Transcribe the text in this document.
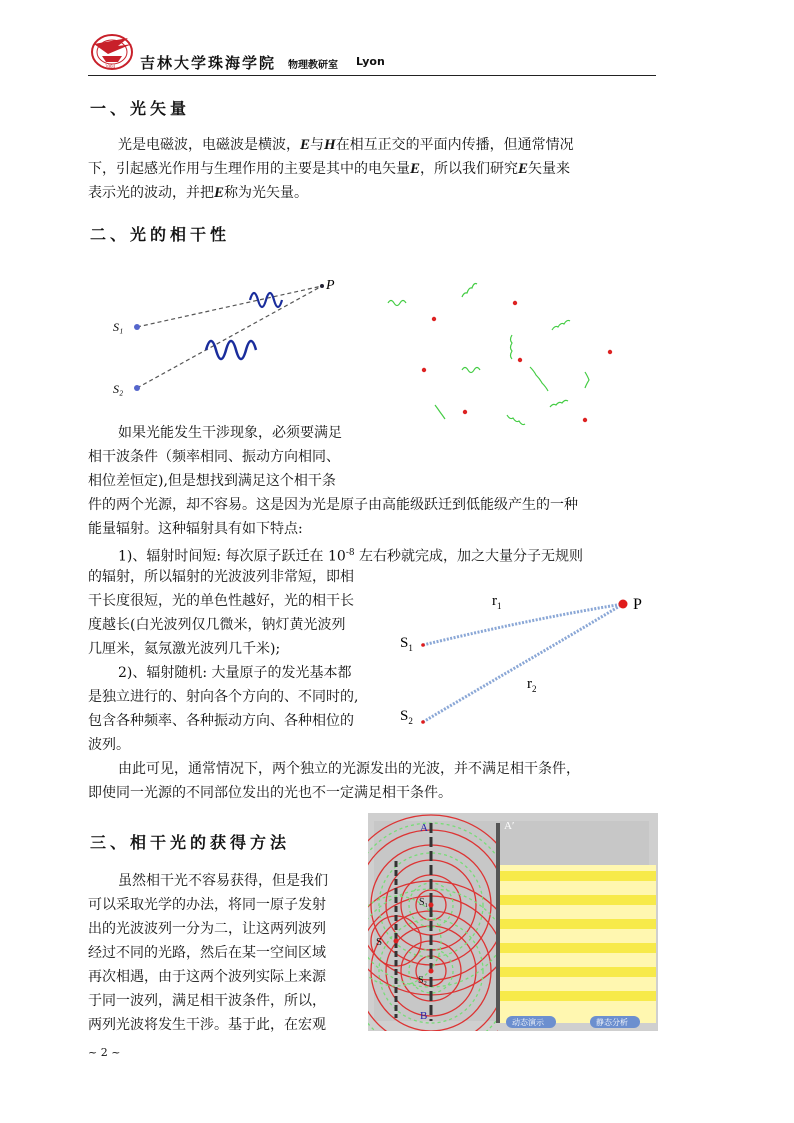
2004 吉林大学珠海学院 物理教研室 Lyon
一、光矢量
光是电磁波，电磁波是横波，E与H在相互正交的平面内传播，但通常情况
下，引起感光作用与生理作用的主要是其中的电矢量E，所以我们研究E矢量来
表示光的波动，并把E称为光矢量。
二、光的相干性
P
S₁
S₂
如果光能发生干涉现象，必须要满足
相干波条件（频率相同、振动方向相同、
相位差恒定),但是想找到满足这个相干条
件的两个光源，却不容易。这是因为光是原子由高能级跃迁到低能级产生的一种
能量辐射。这种辐射具有如下特点:
1)、辐射时间短: 每次原子跃迁在 $10^{-8}$ 左右秒就完成，加之大量分子无规则
的辐射，所以辐射的光波波列非常短，即相
干长度很短，光的单色性越好，光的相干长
度越长(白光波列仅几微米，钠灯黄光波列
几厘米，氦氖激光波列几千米);
2)、辐射随机: 大量原子的发光基本都
是独立进行的、射向各个方向的、不同时的,
包含各种频率、各种振动方向、各种相位的
波列。
$r_1$
$r_2$
P
$S_1$
$S_2$
由此可见，通常情况下，两个独立的光源发出的光波，并不满足相干条件，
即使同一光源的不同部位发出的光也不一定满足相干条件。
三、相干光的获得方法
虽然相干光不容易获得，但是我们
可以采取光学的办法，将同一原子发射
出的光波波列一分为二，让这两列波列
经过不同的光路，然后在某一空间区域
再次相遇，由于这两个波列实际上来源
于同一波列，满足相干波条件，所以，
两列光波将发生干涉。基于此，在宏观
A	A′
B
S
S₁
S₂
动态演示	静态分析
~ 2 ~
